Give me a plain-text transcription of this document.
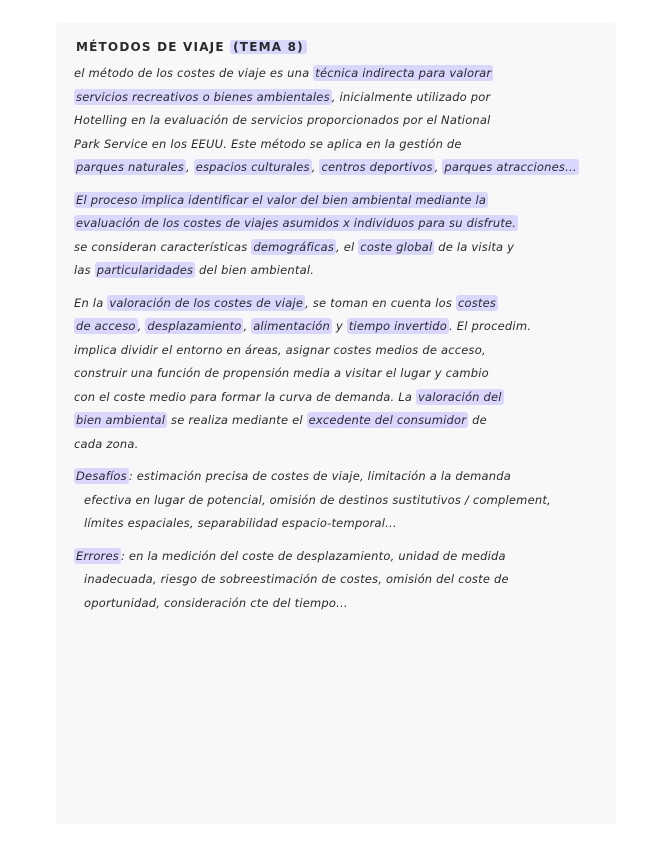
MÉTODOS DE VIAJE (TEMA 8)
el método de los costes de viaje es una técnica indirecta para valorar
servicios recreativos o bienes ambientales , inicialmente utilizado por
Hotelling en la evaluación de servicios proporcionados por el National
Park Service en los EEUU. Este método se aplica en la gestión de
parques naturales , espacios culturales , centros deportivos , parques atracciones...
El proceso implica identificar el valor del bien ambiental mediante la
evaluación de los costes de viajes asumidos x individuos para su disfrute.
se consideran características demográficas , el coste global de la visita y
las particularidades del bien ambiental.
En la valoración de los costes de viaje , se toman en cuenta los costes
de acceso , desplazamiento , alimentación y tiempo invertido . El procedim.
implica dividir el entorno en áreas, asignar costes medios de acceso,
construir una función de propensión media a visitar el lugar y cambio
con el coste medio para formar la curva de demanda. La valoración del
bien ambiental se realiza mediante el excedente del consumidor de
cada zona.
Desafíos : estimación precisa de costes de viaje, limitación a la demanda
efectiva en lugar de potencial, omisión de destinos sustitutivos / complement,
límites espaciales, separabilidad espacio-temporal...
Errores : en la medición del coste de desplazamiento, unidad de medida
inadecuada, riesgo de sobreestimación de costes, omisión del coste de
oportunidad, consideración cte del tiempo...
